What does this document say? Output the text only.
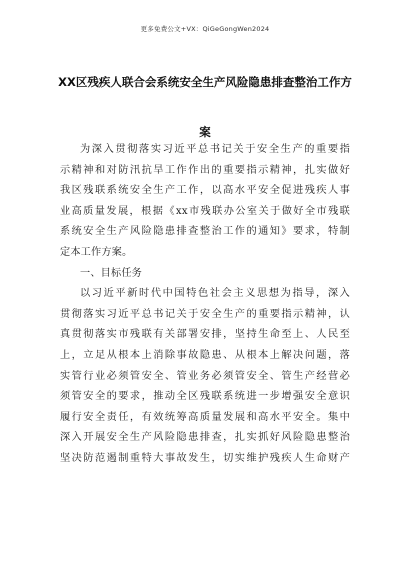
更多免费公文+VX：QiGeGongWen2024
XX区残疾人联合会系统安全生产风险隐患排查整治工作方
案
为深入贯彻落实习近平总书记关于安全生产的重要指
示精神和对防汛抗旱工作作出的重要指示精神，扎实做好
我区残联系统安全生产工作，以高水平安全促进残疾人事
业高质量发展，根据《xx市残联办公室关于做好全市残联
系统安全生产风险隐患排查整治工作的通知》要求，特制
定本工作方案。
一、目标任务
以习近平新时代中国特色社会主义思想为指导，深入
贯彻落实习近平总书记关于安全生产的重要指示精神，认
真贯彻落实市残联有关部署安排，坚持生命至上、人民至
上，立足从根本上消除事故隐患、从根本上解决问题，落
实管行业必须管安全、管业务必须管安全、管生产经营必
须管安全的要求，推动全区残联系统进一步增强安全意识
履行安全责任，有效统筹高质量发展和高水平安全。集中
深入开展安全生产风险隐患排查，扎实抓好风险隐患整治
坚决防范遏制重特大事故发生，切实维护残疾人生命财产
